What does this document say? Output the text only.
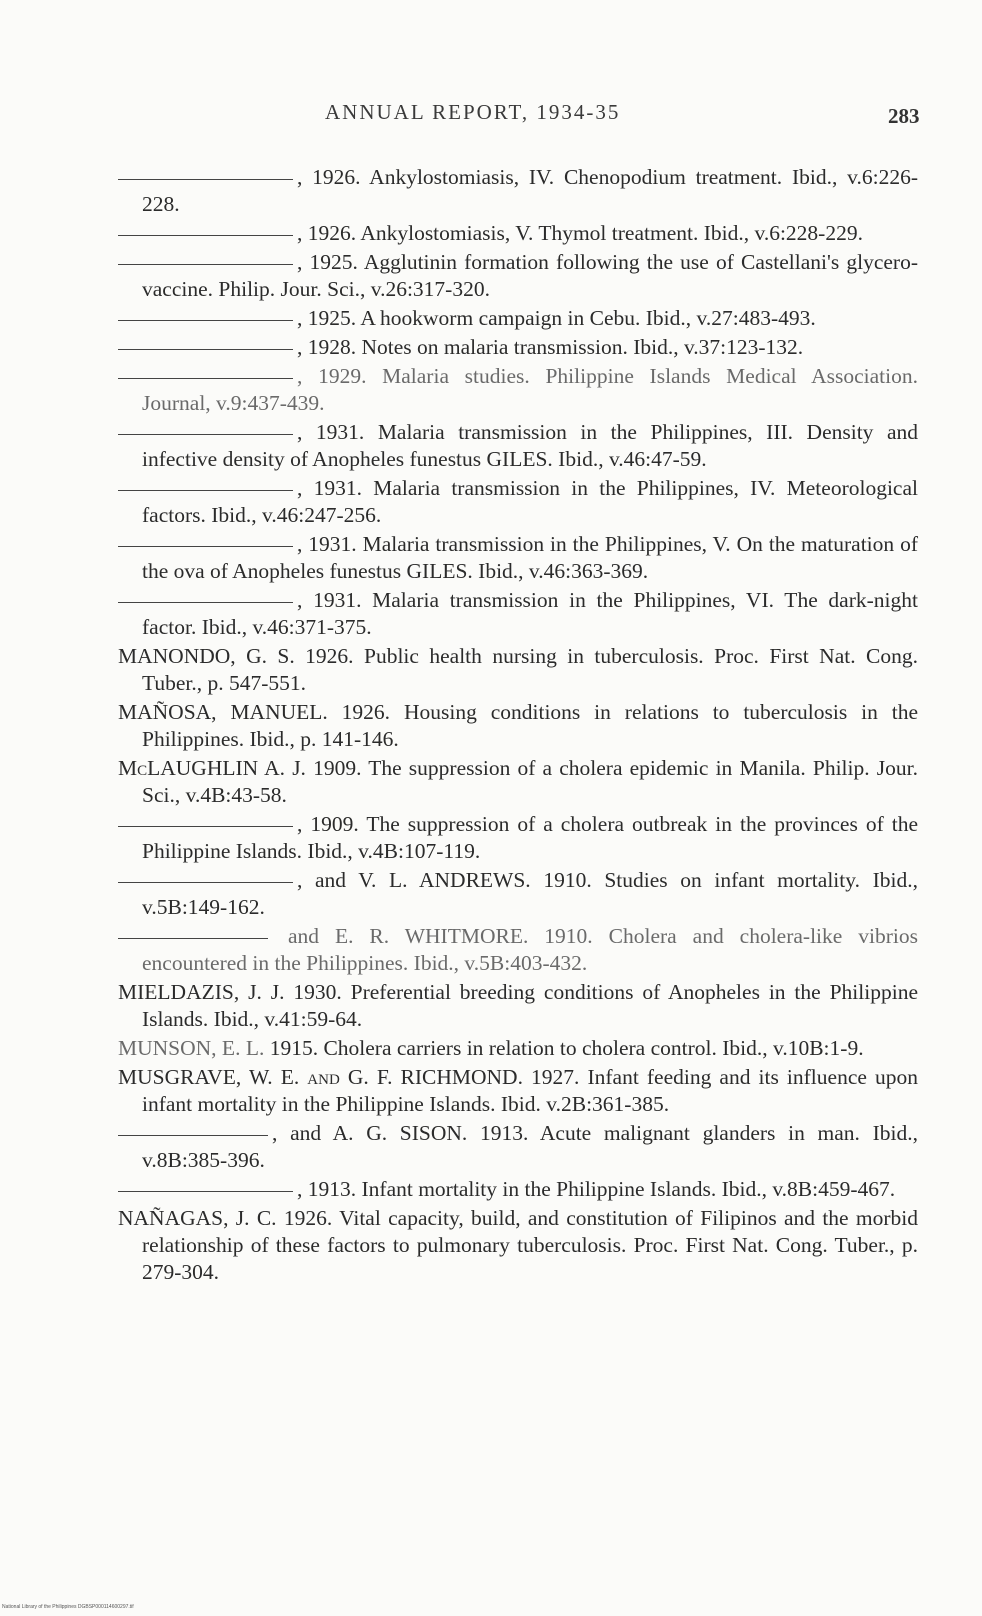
ANNUAL REPORT, 1934-35	283
, 1926. Ankylostomiasis, IV. Chenopodium treatment. Ibid., v.6:226-228.
, 1926. Ankylostomiasis, V. Thymol treatment. Ibid., v.6:228-229.
, 1925. Agglutinin formation following the use of Castellani's glycero-vaccine. Philip. Jour. Sci., v.26:317-320.
, 1925. A hookworm campaign in Cebu. Ibid., v.27:483-493.
, 1928. Notes on malaria transmission. Ibid., v.37:123-132.
, 1929. Malaria studies. Philippine Islands Medical Association. Journal, v.9:437-439.
, 1931. Malaria transmission in the Philippines, III. Density and infective density of Anopheles funestus GILES. Ibid., v.46:47-59.
, 1931. Malaria transmission in the Philippines, IV. Meteorological factors. Ibid., v.46:247-256.
, 1931. Malaria transmission in the Philippines, V. On the maturation of the ova of Anopheles funestus GILES. Ibid., v.46:363-369.
, 1931. Malaria transmission in the Philippines, VI. The dark-night factor. Ibid., v.46:371-375.
MANONDO, G. S. 1926. Public health nursing in tuberculosis. Proc. First Nat. Cong. Tuber., p. 547-551.
MAÑOSA, MANUEL. 1926. Housing conditions in relations to tuberculosis in the Philippines. Ibid., p. 141-146.
McLAUGHLIN A. J. 1909. The suppression of a cholera epidemic in Manila. Philip. Jour. Sci., v.4B:43-58.
, 1909. The suppression of a cholera outbreak in the provinces of the Philippine Islands. Ibid., v.4B:107-119.
, and V. L. ANDREWS. 1910. Studies on infant mortality. Ibid., v.5B:149-162.
and E. R. WHITMORE. 1910. Cholera and cholera-like vibrios encountered in the Philippines. Ibid., v.5B:403-432.
MIELDAZIS, J. J. 1930. Preferential breeding conditions of Anopheles in the Philippine Islands. Ibid., v.41:59-64.
MUNSON, E. L. 1915. Cholera carriers in relation to cholera control. Ibid., v.10B:1-9.
MUSGRAVE, W. E. and G. F. RICHMOND. 1927. Infant feeding and its influence upon infant mortality in the Philippine Islands. Ibid. v.2B:361-385.
, and A. G. SISON. 1913. Acute malignant glanders in man. Ibid., v.8B:385-396.
, 1913. Infant mortality in the Philippine Islands. Ibid., v.8B:459-467.
NAÑAGAS, J. C. 1926. Vital capacity, build, and constitution of Filipinos and the morbid relationship of these factors to pulmonary tuberculosis. Proc. First Nat. Cong. Tuber., p. 279-304.
National Library of the Philippines DGBSP000114600297.tif
